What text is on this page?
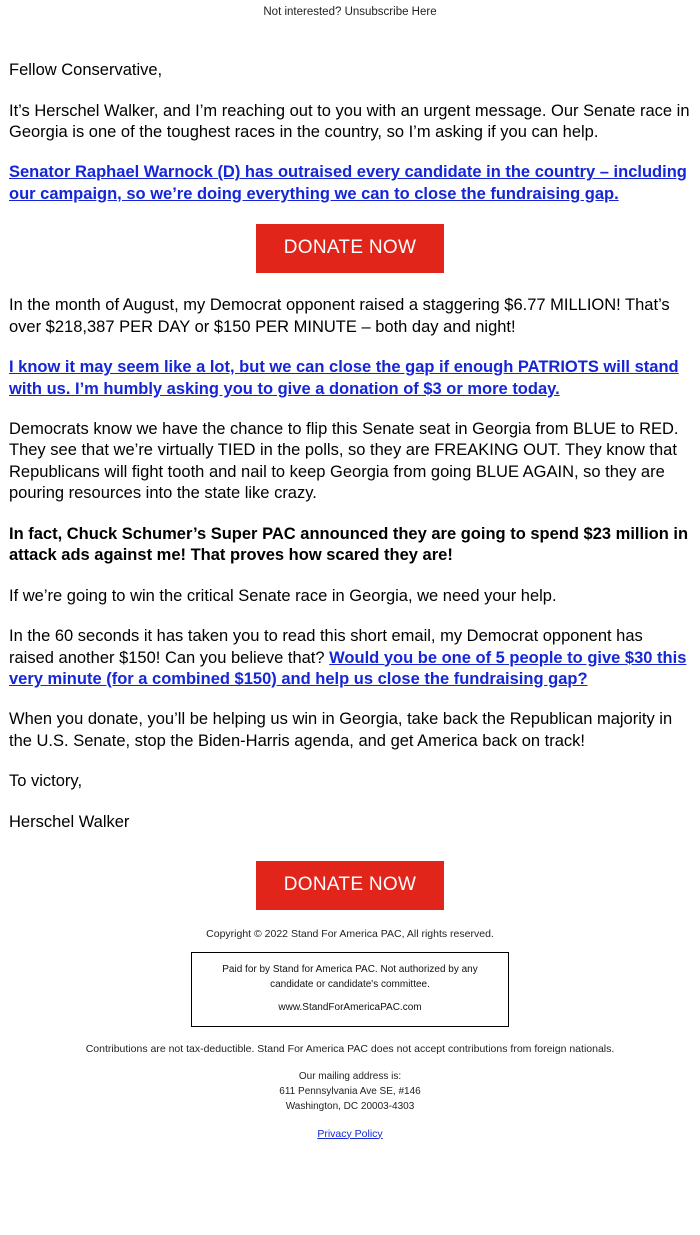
Not interested? Unsubscribe Here

Fellow Conservative,

It’s Herschel Walker, and I’m reaching out to you with an urgent message. Our Senate race in Georgia is one of the toughest races in the country, so I’m asking if you can help.

Senator Raphael Warnock (D) has outraised every candidate in the country – including our campaign, so we’re doing everything we can to close the fundraising gap.

DONATE NOW

In the month of August, my Democrat opponent raised a staggering $6.77 MILLION! That’s over $218,387 PER DAY or $150 PER MINUTE – both day and night!

I know it may seem like a lot, but we can close the gap if enough PATRIOTS will stand with us. I’m humbly asking you to give a donation of $3 or more today.

Democrats know we have the chance to flip this Senate seat in Georgia from BLUE to RED. They see that we’re virtually TIED in the polls, so they are FREAKING OUT. They know that Republicans will fight tooth and nail to keep Georgia from going BLUE AGAIN, so they are pouring resources into the state like crazy.

In fact, Chuck Schumer’s Super PAC announced they are going to spend $23 million in attack ads against me! That proves how scared they are!

If we’re going to win the critical Senate race in Georgia, we need your help.

In the 60 seconds it has taken you to read this short email, my Democrat opponent has raised another $150! Can you believe that? Would you be one of 5 people to give $30 this very minute (for a combined $150) and help us close the fundraising gap?

When you donate, you’ll be helping us win in Georgia, take back the Republican majority in the U.S. Senate, stop the Biden-Harris agenda, and get America back on track!

To victory,

Herschel Walker

DONATE NOW
Copyright © 2022 Stand For America PAC, All rights reserved.
Paid for by Stand for America PAC. Not authorized by any
candidate or candidate's committee.
www.StandForAmericaPAC.com
Contributions are not tax-deductible. Stand For America PAC does not accept contributions from foreign nationals.
Our mailing address is:
611 Pennsylvania Ave SE, #146
Washington, DC 20003-4303
Privacy Policy
